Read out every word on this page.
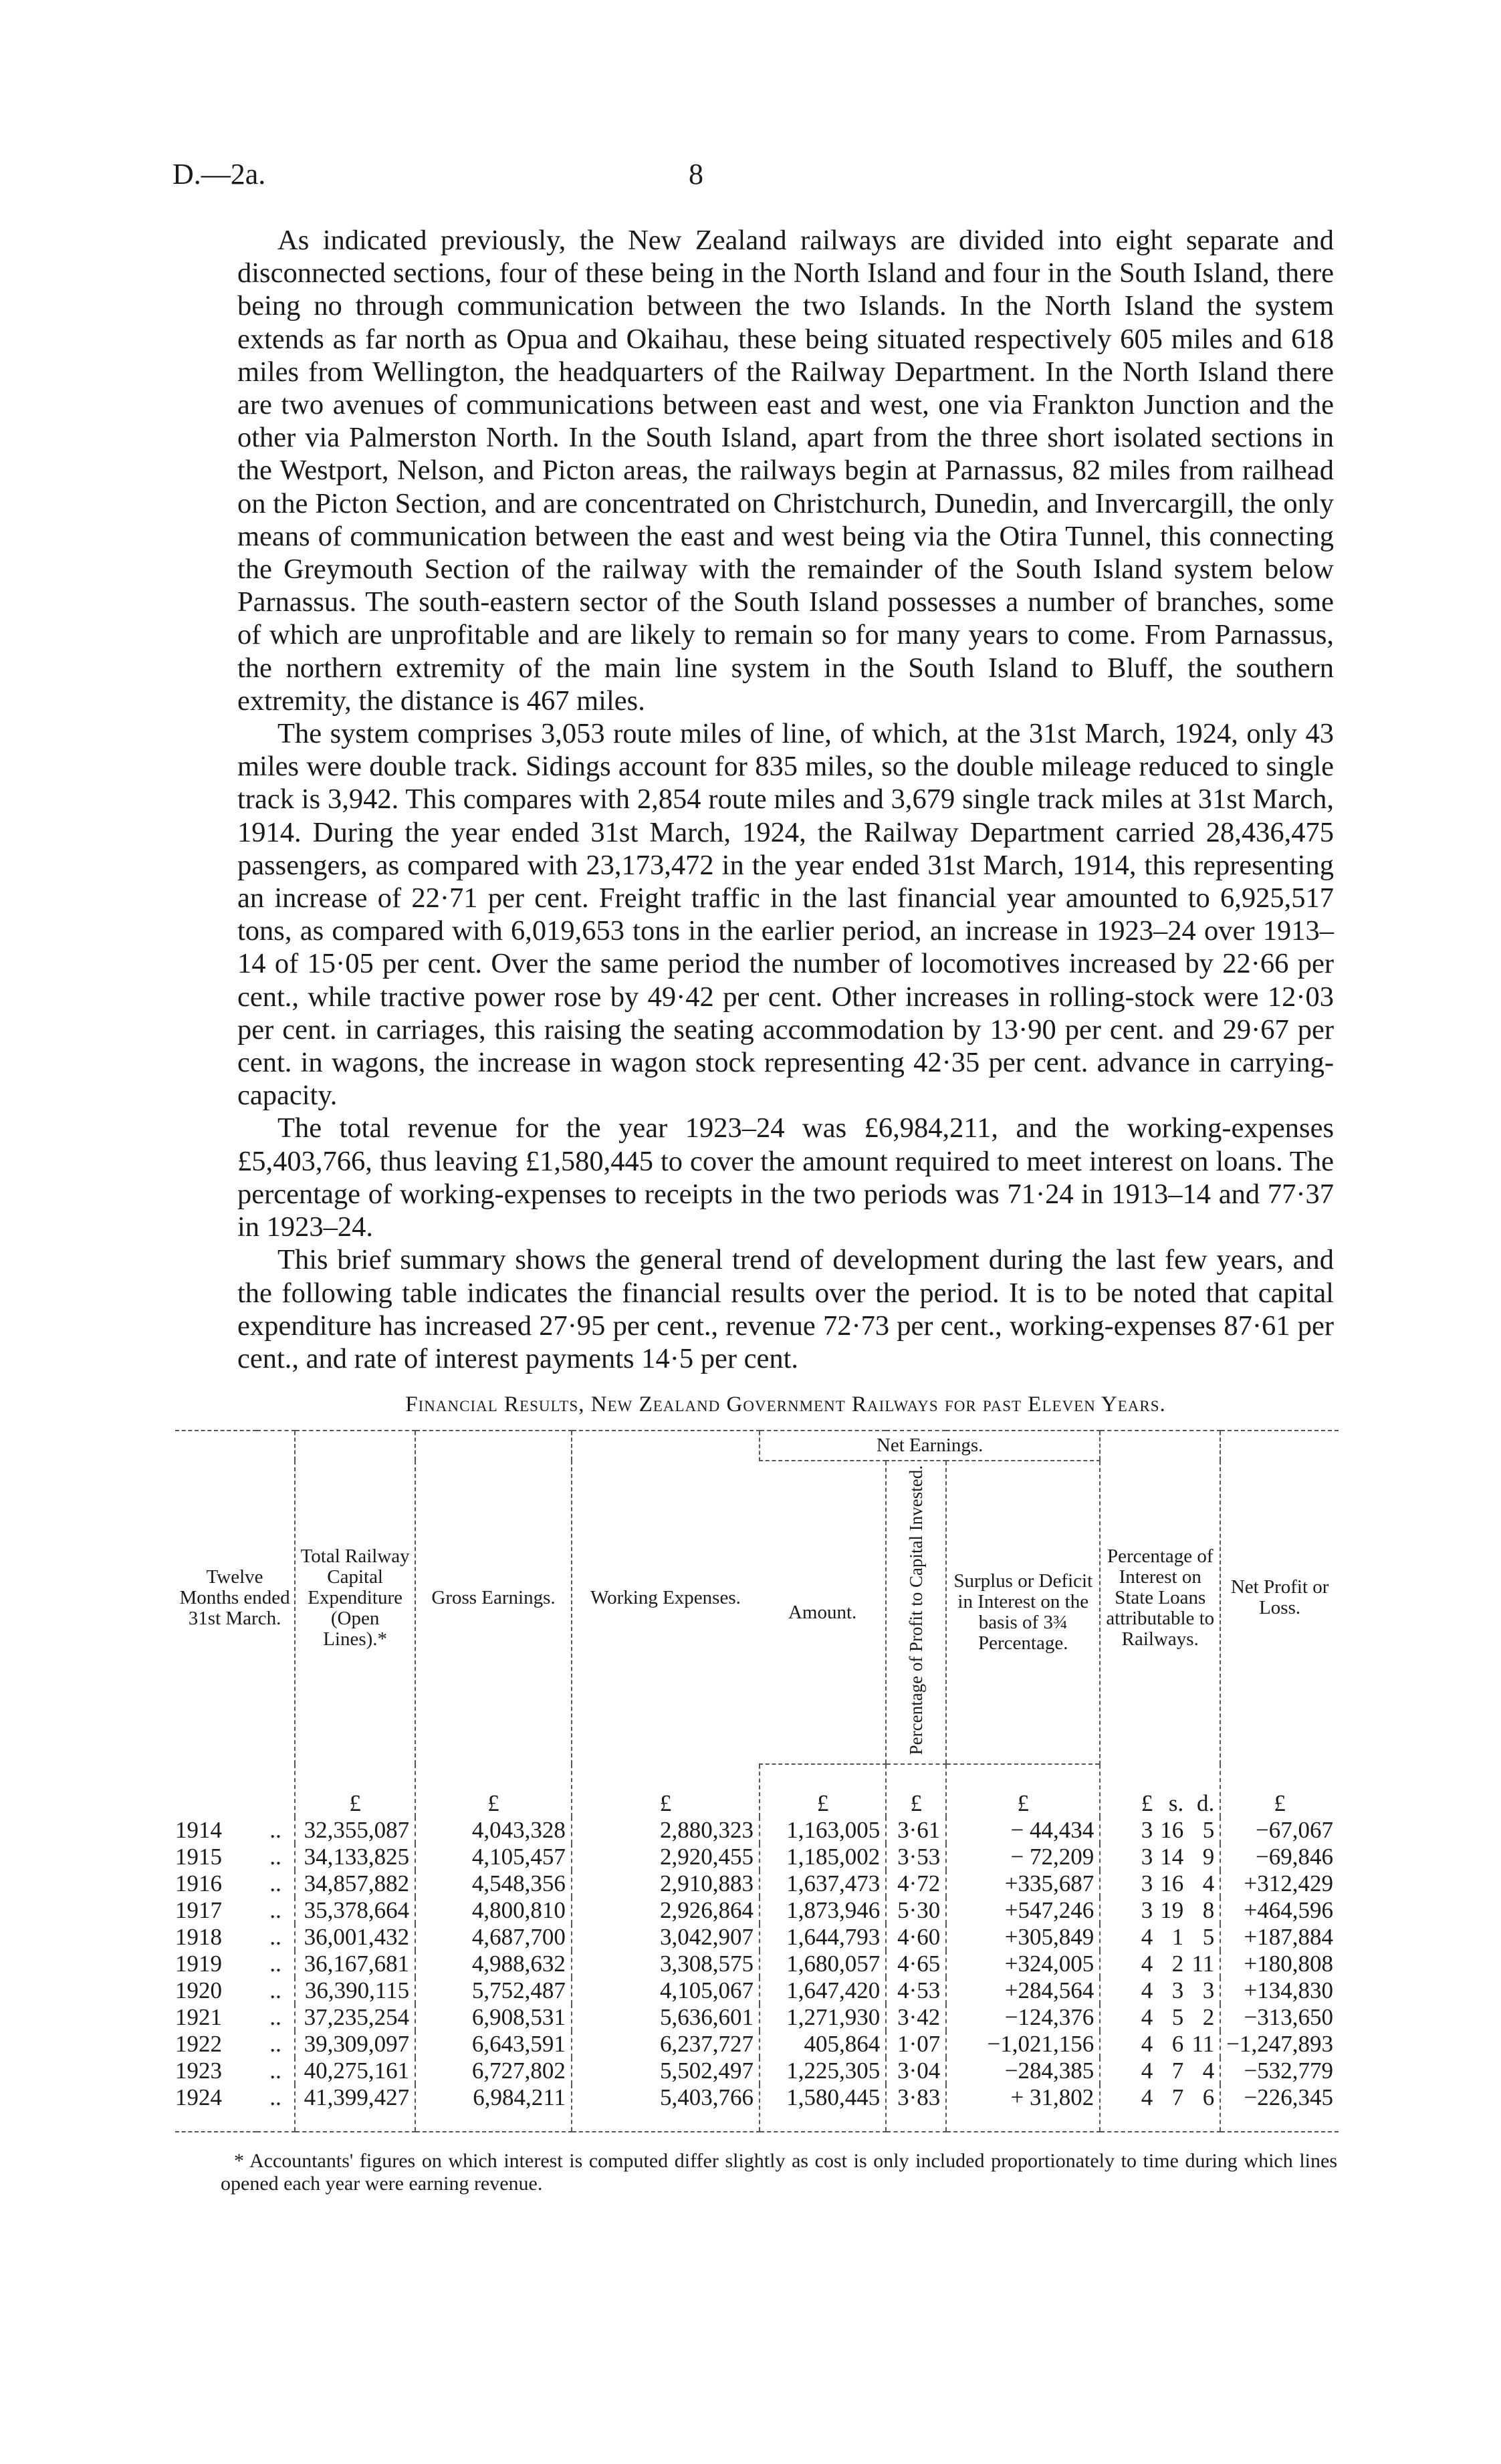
D.—2a.	8

As indicated previously, the New Zealand railways are divided into eight separate and disconnected sections, four of these being in the North Island and four in the South Island, there being no through communication between the two Islands. In the North Island the system extends as far north as Opua and Okaihau, these being situated respectively 605 miles and 618 miles from Wellington, the headquarters of the Railway Department. In the North Island there are two avenues of communications between east and west, one via Frankton Junction and the other via Palmerston North. In the South Island, apart from the three short isolated sections in the Westport, Nelson, and Picton areas, the railways begin at Parnassus, 82 miles from railhead on the Picton Section, and are concentrated on Christchurch, Dunedin, and Invercargill, the only means of communication between the east and west being via the Otira Tunnel, this connecting the Greymouth Section of the railway with the remainder of the South Island system below Parnassus. The south-eastern sector of the South Island possesses a number of branches, some of which are unprofitable and are likely to remain so for many years to come. From Parnassus, the northern extremity of the main line system in the South Island to Bluff, the southern extremity, the distance is 467 miles.

The system comprises 3,053 route miles of line, of which, at the 31st March, 1924, only 43 miles were double track. Sidings account for 835 miles, so the double mileage reduced to single track is 3,942. This compares with 2,854 route miles and 3,679 single track miles at 31st March, 1914. During the year ended 31st March, 1924, the Railway Department carried 28,436,475 passengers, as compared with 23,173,472 in the year ended 31st March, 1914, this representing an increase of 22·71 per cent. Freight traffic in the last financial year amounted to 6,925,517 tons, as compared with 6,019,653 tons in the earlier period, an increase in 1923–24 over 1913–14 of 15·05 per cent. Over the same period the number of locomotives increased by 22·66 per cent., while tractive power rose by 49·42 per cent. Other increases in rolling-stock were 12·03 per cent. in carriages, this raising the seating accommodation by 13·90 per cent. and 29·67 per cent. in wagons, the increase in wagon stock representing 42·35 per cent. advance in carrying-capacity.

The total revenue for the year 1923–24 was £6,984,211, and the working-expenses £5,403,766, thus leaving £1,580,445 to cover the amount required to meet interest on loans. The percentage of working-expenses to receipts in the two periods was 71·24 in 1913–14 and 77·37 in 1923–24.

This brief summary shows the general trend of development during the last few years, and the following table indicates the financial results over the period. It is to be noted that capital expenditure has increased 27·95 per cent., revenue 72·73 per cent., working-expenses 87·61 per cent., and rate of interest payments 14·5 per cent.

Financial Results, New Zealand Government Railways for past Eleven Years.
Twelve Months ended 31st March.		Total Railway Capital Expenditure (Open Lines).*	Gross Earnings.	Working Expenses.	Net Earnings.			Percentage of Interest on State Loans attributable to Railways.	Net Profit or Loss.
					Amount.	Percentage of Profit to Capital Invested.	Surplus or Deficit in Interest on the basis of 3¾ Percentage.		
		£	£	£	£	£	£	£ s. d.	£
1914	..	32,355,087	4,043,328	2,880,323	1,163,005	3·61	− 44,434	3 16 5	−67,067
1915	..	34,133,825	4,105,457	2,920,455	1,185,002	3·53	− 72,209	3 14 9	−69,846
1916	..	34,857,882	4,548,356	2,910,883	1,637,473	4·72	+335,687	3 16 4	+312,429
1917	..	35,378,664	4,800,810	2,926,864	1,873,946	5·30	+547,246	3 19 8	+464,596
1918	..	36,001,432	4,687,700	3,042,907	1,644,793	4·60	+305,849	4 1 5	+187,884
1919	..	36,167,681	4,988,632	3,308,575	1,680,057	4·65	+324,005	4 2 11	+180,808
1920	..	36,390,115	5,752,487	4,105,067	1,647,420	4·53	+284,564	4 3 3	+134,830
1921	..	37,235,254	6,908,531	5,636,601	1,271,930	3·42	−124,376	4 5 2	−313,650
1922	..	39,309,097	6,643,591	6,237,727	405,864	1·07	−1,021,156	4 6 11	−1,247,893
1923	..	40,275,161	6,727,802	5,502,497	1,225,305	3·04	−284,385	4 7 4	−532,779
1924	..	41,399,427	6,984,211	5,403,766	1,580,445	3·83	+ 31,802	4 7 6	−226,345
* Accountants' figures on which interest is computed differ slightly as cost is only included proportionately to time during which lines opened each year were earning revenue.
